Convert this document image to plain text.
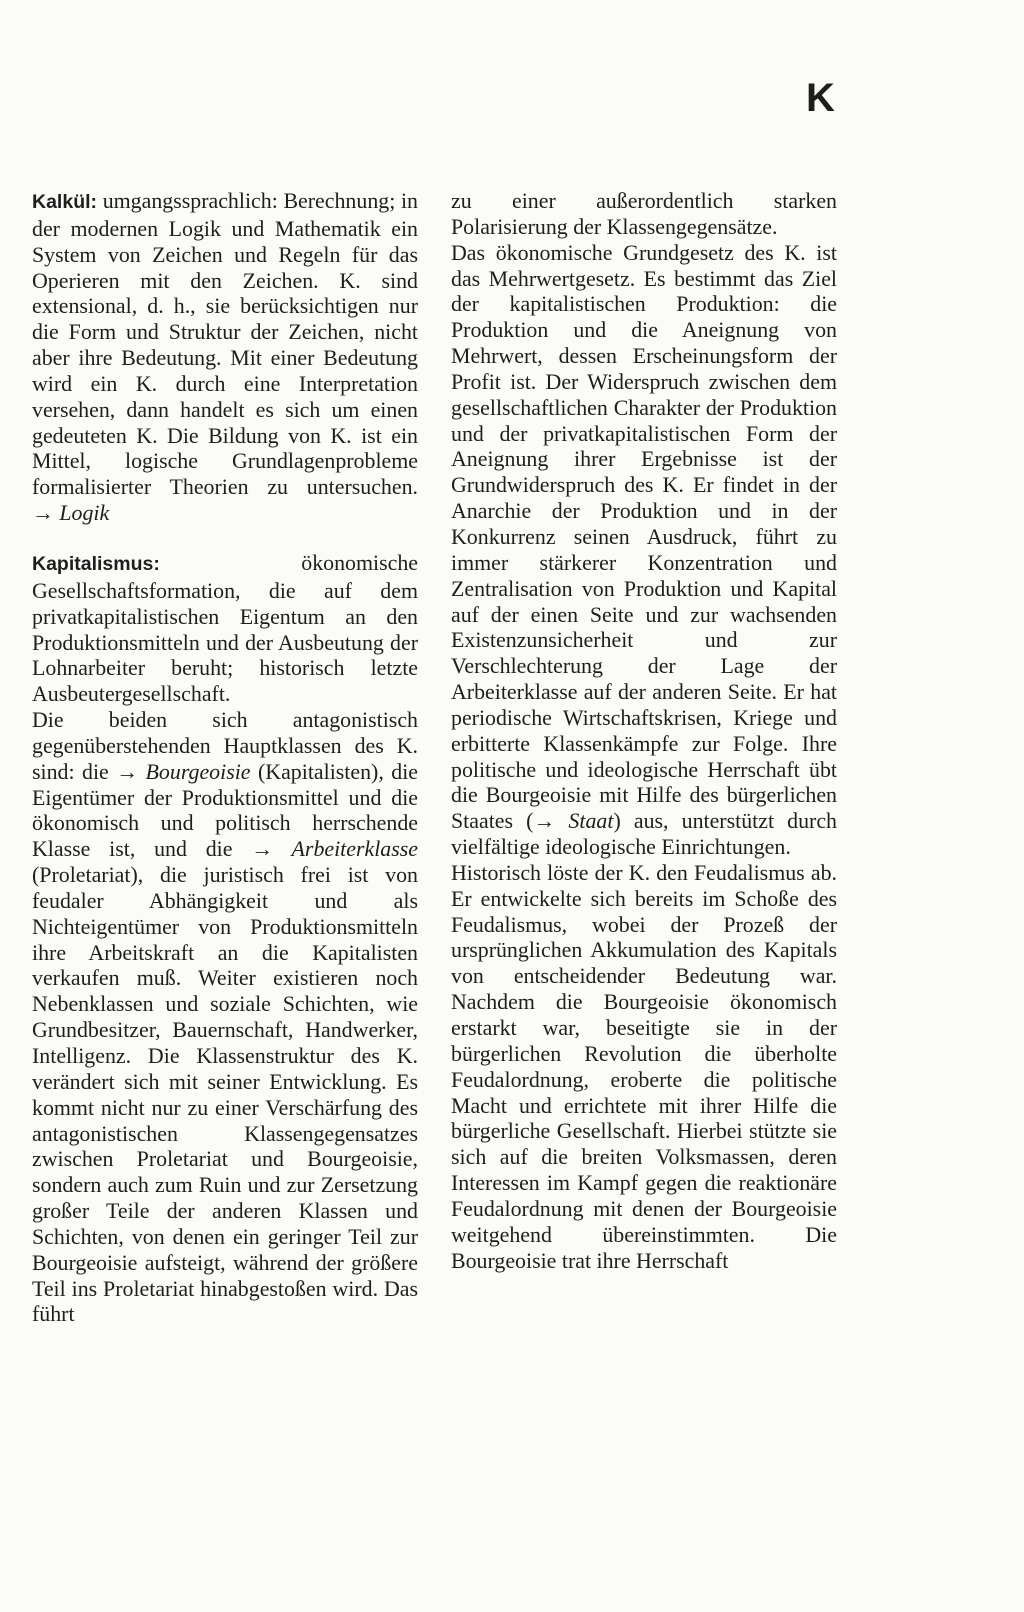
K

Kalkül: umgangssprachlich: Berechnung; in der modernen Logik und Mathematik ein System von Zeichen und Regeln für das Operieren mit den Zeichen. K. sind extensional, d. h., sie berücksichtigen nur die Form und Struktur der Zeichen, nicht aber ihre Bedeutung. Mit einer Bedeutung wird ein K. durch eine Interpretation versehen, dann handelt es sich um einen gedeuteten K. Die Bildung von K. ist ein Mittel, logische Grundlagenprobleme formalisierter Theorien zu untersuchen. → Logik

Kapitalismus:	ökonomische Gesellschaftsformation, die auf dem privatkapitalistischen Eigentum an den Produktionsmitteln und der Ausbeutung der Lohnarbeiter beruht; historisch letzte Ausbeutergesellschaft.

Die beiden sich antagonistisch gegenüberstehenden Hauptklassen des K. sind: die → Bourgeoisie (Kapitalisten), die Eigentümer der Produktionsmittel und die ökonomisch und politisch herrschende Klasse ist, und die → Arbeiterklasse (Proletariat), die juristisch frei ist von feudaler Abhängigkeit und als Nichteigentümer von Produktionsmitteln ihre Arbeitskraft an die Kapitalisten verkaufen muß. Weiter existieren noch Nebenklassen und soziale Schichten, wie Grundbesitzer, Bauernschaft, Handwerker, Intelligenz. Die Klassenstruktur des K. verändert sich mit seiner Entwicklung. Es kommt nicht nur zu einer Verschärfung des antagonistischen Klassengegensatzes zwischen Proletariat und Bourgeoisie, sondern auch zum Ruin und zur Zersetzung großer Teile der anderen Klassen und Schichten, von denen ein geringer Teil zur Bourgeoisie aufsteigt, während der größere Teil ins Proletariat hinabgestoßen wird. Das führt

zu einer außerordentlich starken Polarisierung der Klassengegensätze.

Das ökonomische Grundgesetz des K. ist das Mehrwertgesetz. Es bestimmt das Ziel der kapitalistischen Produktion: die Produktion und die Aneignung von Mehrwert, dessen Erscheinungsform der Profit ist. Der Widerspruch zwischen dem gesellschaftlichen Charakter der Produktion und der privatkapitalistischen Form der Aneignung ihrer Ergebnisse ist der Grundwiderspruch des K. Er findet in der Anarchie der Produktion und in der Konkurrenz seinen Ausdruck, führt zu immer stärkerer Konzentration und Zentralisation von Produktion und Kapital auf der einen Seite und zur wachsenden Existenzunsicherheit und zur Verschlechterung der Lage der Arbeiterklasse auf der anderen Seite. Er hat periodische Wirtschaftskrisen, Kriege und erbitterte Klassenkämpfe zur Folge. Ihre politische und ideologische Herrschaft übt die Bourgeoisie mit Hilfe des bürgerlichen Staates (→ Staat) aus, unterstützt durch vielfältige ideologische Einrichtungen.

Historisch löste der K. den Feudalismus ab. Er entwickelte sich bereits im Schoße des Feudalismus, wobei der Prozeß der ursprünglichen Akkumulation des Kapitals von entscheidender Bedeutung war. Nachdem die Bourgeoisie ökonomisch erstarkt war, beseitigte sie in der bürgerlichen Revolution die überholte Feudalordnung, eroberte die politische Macht und errichtete mit ihrer Hilfe die bürgerliche Gesellschaft. Hierbei stützte sie sich auf die breiten Volksmassen, deren Interessen im Kampf gegen die reaktionäre Feudalordnung mit denen der Bourgeoisie weitgehend übereinstimmten. Die Bourgeoisie trat ihre Herrschaft
